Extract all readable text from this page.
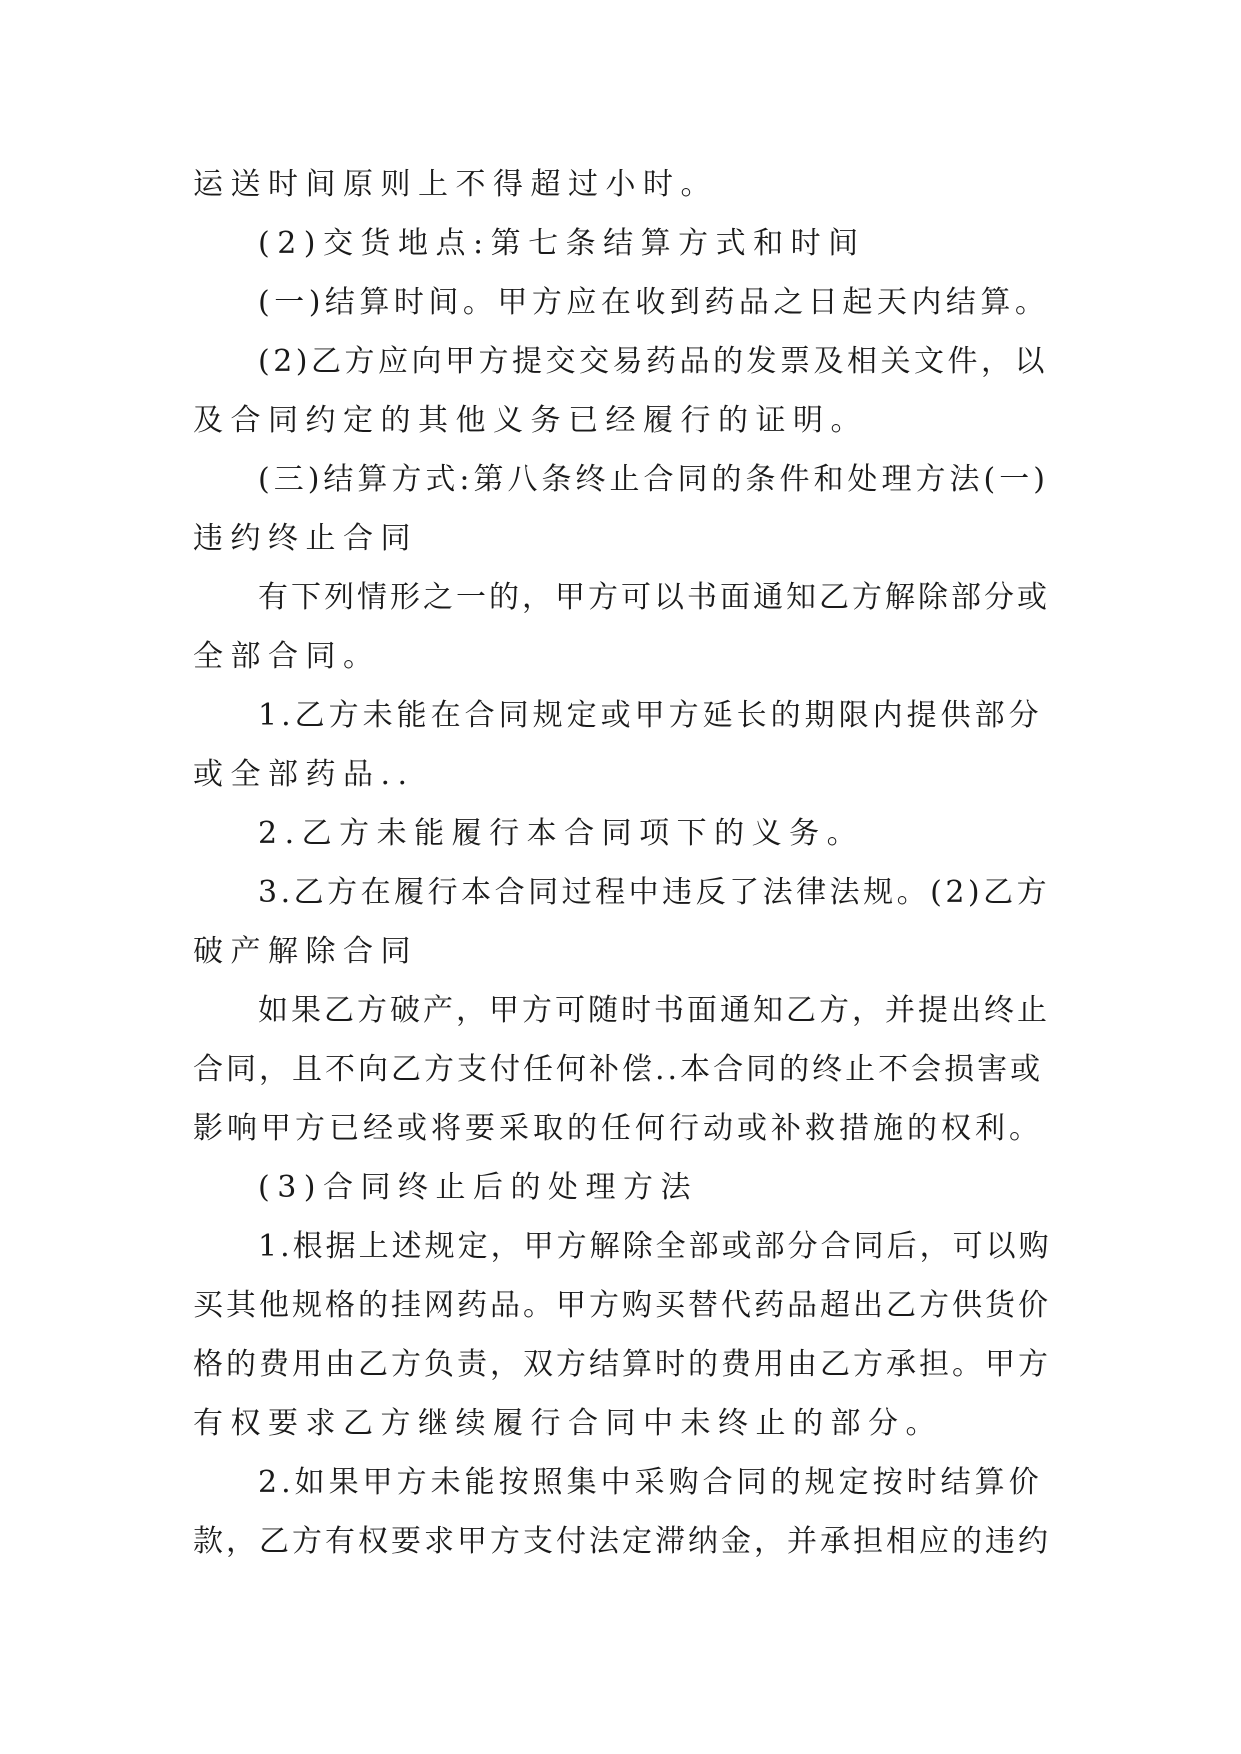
运送时间原则上不得超过小时。
(2)交货地点:第七条结算方式和时间
(一)结算时间。甲方应在收到药品之日起天内结算。
(2)乙方应向甲方提交交易药品的发票及相关文件，以
及合同约定的其他义务已经履行的证明。
(三)结算方式:第八条终止合同的条件和处理方法(一)
违约终止合同
有下列情形之一的，甲方可以书面通知乙方解除部分或
全部合同。
1.乙方未能在合同规定或甲方延长的期限内提供部分
或全部药品..
2.乙方未能履行本合同项下的义务。
3.乙方在履行本合同过程中违反了法律法规。(2)乙方
破产解除合同
如果乙方破产，甲方可随时书面通知乙方，并提出终止
合同，且不向乙方支付任何补偿..本合同的终止不会损害或
影响甲方已经或将要采取的任何行动或补救措施的权利。
(3)合同终止后的处理方法
1.根据上述规定，甲方解除全部或部分合同后，可以购
买其他规格的挂网药品。甲方购买替代药品超出乙方供货价
格的费用由乙方负责，双方结算时的费用由乙方承担。甲方
有权要求乙方继续履行合同中未终止的部分。
2.如果甲方未能按照集中采购合同的规定按时结算价
款，乙方有权要求甲方支付法定滞纳金，并承担相应的违约
